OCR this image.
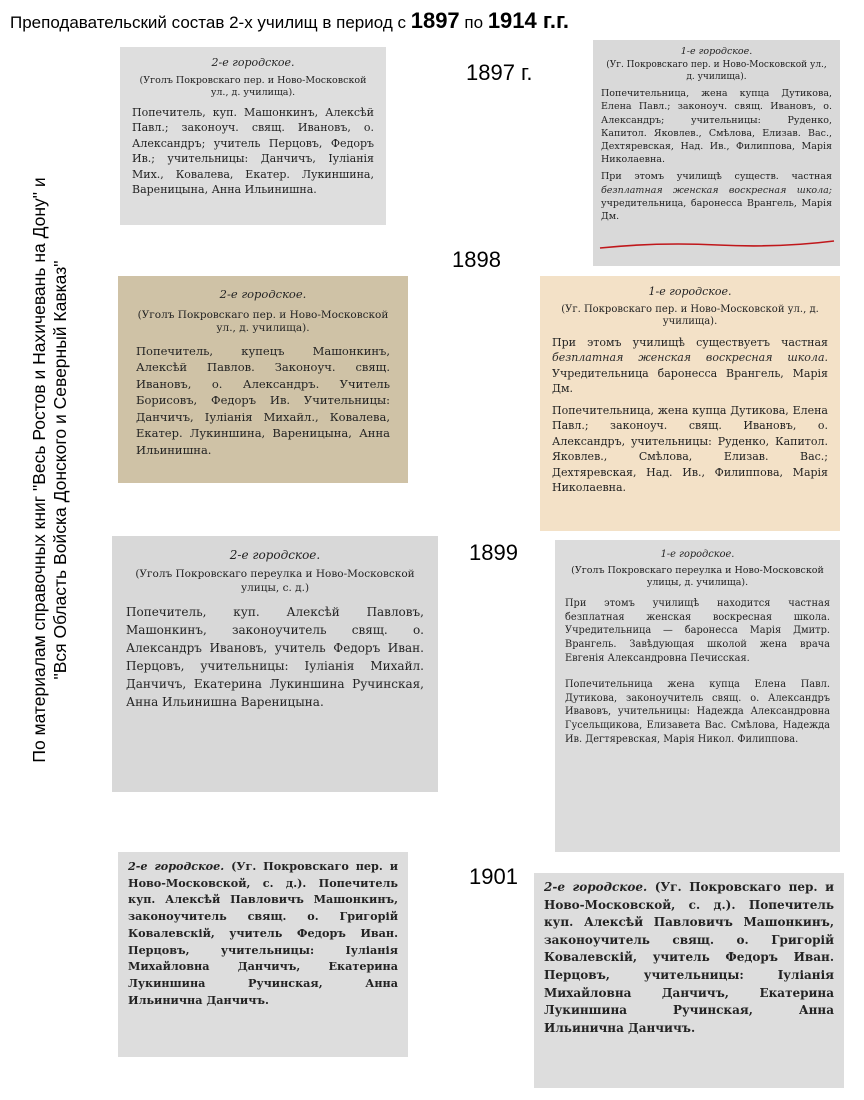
Преподавательский состав 2-х училищ в период с 1897 по 1914 г.г.
По материалам справочных книг "Весь Ростов и Нахичевань на Дону" и "Вся Область Войска Донского и Северный Кавказ"
1897 г.
1898
1899
1901
2-е городское.
(Уголъ Покровскаго пер. и Ново-Московской ул., д. училища).
Попечитель, куп. Машонкинъ, Алексѣй Павл.; законоуч. свящ. Ивановъ, о. Александръ; учитель Перцовъ, Федоръ Ив.; учительницы: Данчичъ, Іуліанія Мих., Ковалева, Екатер. Лукиншина, Вареницына, Анна Ильинишна.
1-е городское.
(Уг. Покровскаго пер. и Ново-Московской ул., д. училища).
Попечительница, жена купца Дутикова, Елена Павл.; законоуч. свящ. Ивановъ, о. Александръ; учительницы: Руденко, Капитол. Яковлев., Смѣлова, Елизав. Вас., Дехтяревская, Над. Ив., Филиппова, Марія Николаевна.
При этомъ училищѣ существ. частная безплатная женская воскресная школа; учредительница, баронесса Врангель, Марія Дм.
2-е городское.
(Уголъ Покровскаго пер. и Ново-Московской ул., д. училища).
Попечитель, купецъ Машонкинъ, Алексѣй Павлов. Законоуч. свящ. Ивановъ, о. Александръ. Учитель Борисовъ, Федоръ Ив. Учительницы: Данчичъ, Іуліанія Михайл., Ковалева, Екатер. Лукиншина, Вареницына, Анна Ильинишна.
1-е городское.
(Уг. Покровскаго пер. и Ново-Московской ул., д. училища).
При этомъ училищѣ существуетъ частная безплатная женская воскресная школа. Учредительница баронесса Врангель, Марія Дм.
Попечительница, жена купца Дутикова, Елена Павл.; законоуч. свящ. Ивановъ, о. Александръ, учительницы: Руденко, Капитол. Яковлев., Смѣлова, Елизав. Вас.; Дехтяревская, Над. Ив., Филиппова, Марія Николаевна.
2-е городское.
(Уголъ Покровскаго переулка и Ново-Московской улицы, с. д.)
Попечитель, куп. Алексѣй Павловъ, Машонкинъ, законоучитель свящ. о. Александръ Ивановъ, учитель Федоръ Иван. Перцовъ, учительницы: Іуліанія Михайл. Данчичъ, Екатерина Лукиншина Ручинская, Анна Ильинишна Вареницына.
1-е городское.
(Уголъ Покровскаго переулка и Ново-Московской улицы, д. училища).
При этомъ училищѣ находится частная безплатная женская воскресная школа. Учредительница — баронесса Марія Дмитр. Врангель. Завѣдующая школой жена врача Евгенія Александровна Печисская.
Попечительница жена купца Елена Павл. Дутикова, законоучитель свящ. о. Александръ Ивавовъ, учительницы: Надежда Александровна Гусельщикова, Елизавета Вас. Смѣлова, Надежда Ив. Дегтяревская, Марія Никол. Филиппова.
2-е городское. (Уг. Покровскаго пер. и Ново-Московской, с. д.). Попечитель куп. Алексѣй Павловичъ Машонкинъ, законоучитель свящ. о. Григорій Ковалевскій, учитель Федоръ Иван. Перцовъ, учительницы: Іуліанія Михайловна Данчичъ, Екатерина Лукиншина Ручинская, Анна Ильинична Данчичъ.
2-е городское. (Уг. Покровскаго пер. и Ново-Московской, с. д.). Попечитель куп. Алексѣй Павловичъ Машонкинъ, законоучитель свящ. о. Григорій Ковалевскій, учитель Федоръ Иван. Перцовъ, учительницы: Іуліанія Михайловна Данчичъ, Екатерина Лукиншина Ручинская, Анна Ильинична Данчичъ.
